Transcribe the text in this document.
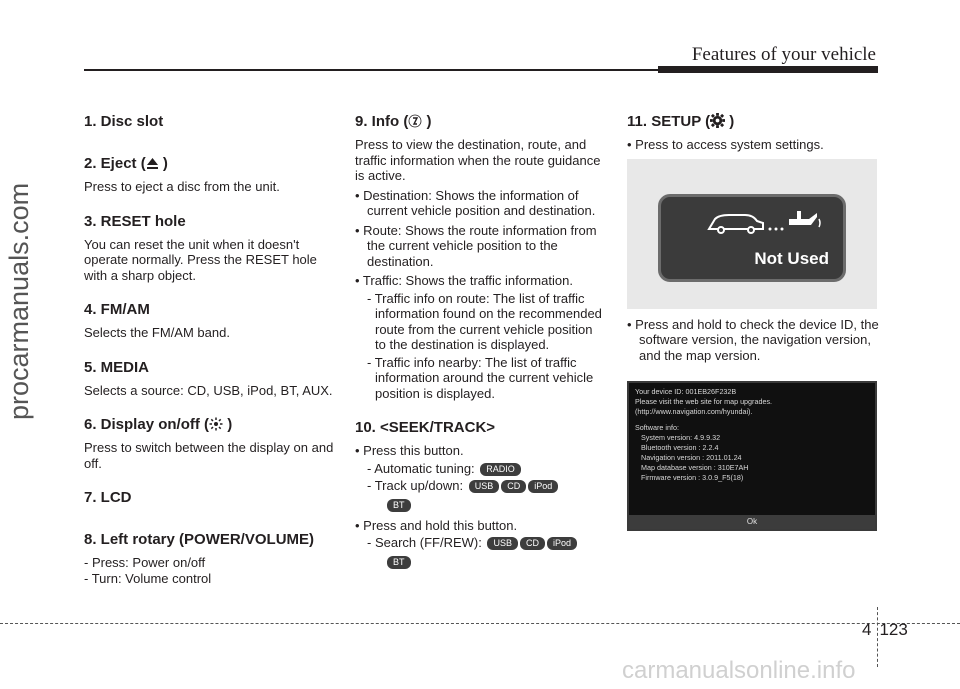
Features of your vehicle
procarmanuals.com
1. Disc slot
2. Eject ( )

Press to eject a disc from the unit.

3. RESET hole

You can reset the unit when it doesn't operate normally. Press the RESET hole with a sharp object.

4. FM/AM

Selects the FM/AM band.

5. MEDIA

Selects a source: CD, USB, iPod, BT, AUX.

6. Display on/off ( )

Press to switch between the display on and off.

7. LCD
8. Left rotary (POWER/VOLUME)

- Press: Power on/off

- Turn: Volume control

9. Info ( )

Press to view the destination, route, and traffic information when the route guidance is active.

• Destination: Shows the information of current vehicle position and destination.

• Route: Shows the route information from the current vehicle position to the destination.

• Traffic: Shows the traffic information.

- Traffic info on route: The list of traffic information found on the recommended route from the current vehicle position to the destination is displayed.

- Traffic info nearby: The list of traffic information around the current vehicle position is displayed.

10. <SEEK/TRACK>

• Press this button.

- Automatic tuning: RADIO

- Track up/down: USB CD iPod

BT

• Press and hold this button.

- Search (FF/REW): USB CD iPod

BT
11. SETUP ( )

• Press to access system settings.

Not Used

• Press and hold to check the device ID, the software version, the navigation version, and the map version.

Your device ID: 001EB26F232B
Please visit the web site for map upgrades.
(http://www.navigation.com/hyundai).
Software info:
System version: 4.9.9.32
Bluetooth version : 2.2.4
Navigation version : 2011.01.24
Map database version : 310E7AH
Firmware version : 3.0.9_F5(18)
Ok
4 123
carmanualsonline.info
